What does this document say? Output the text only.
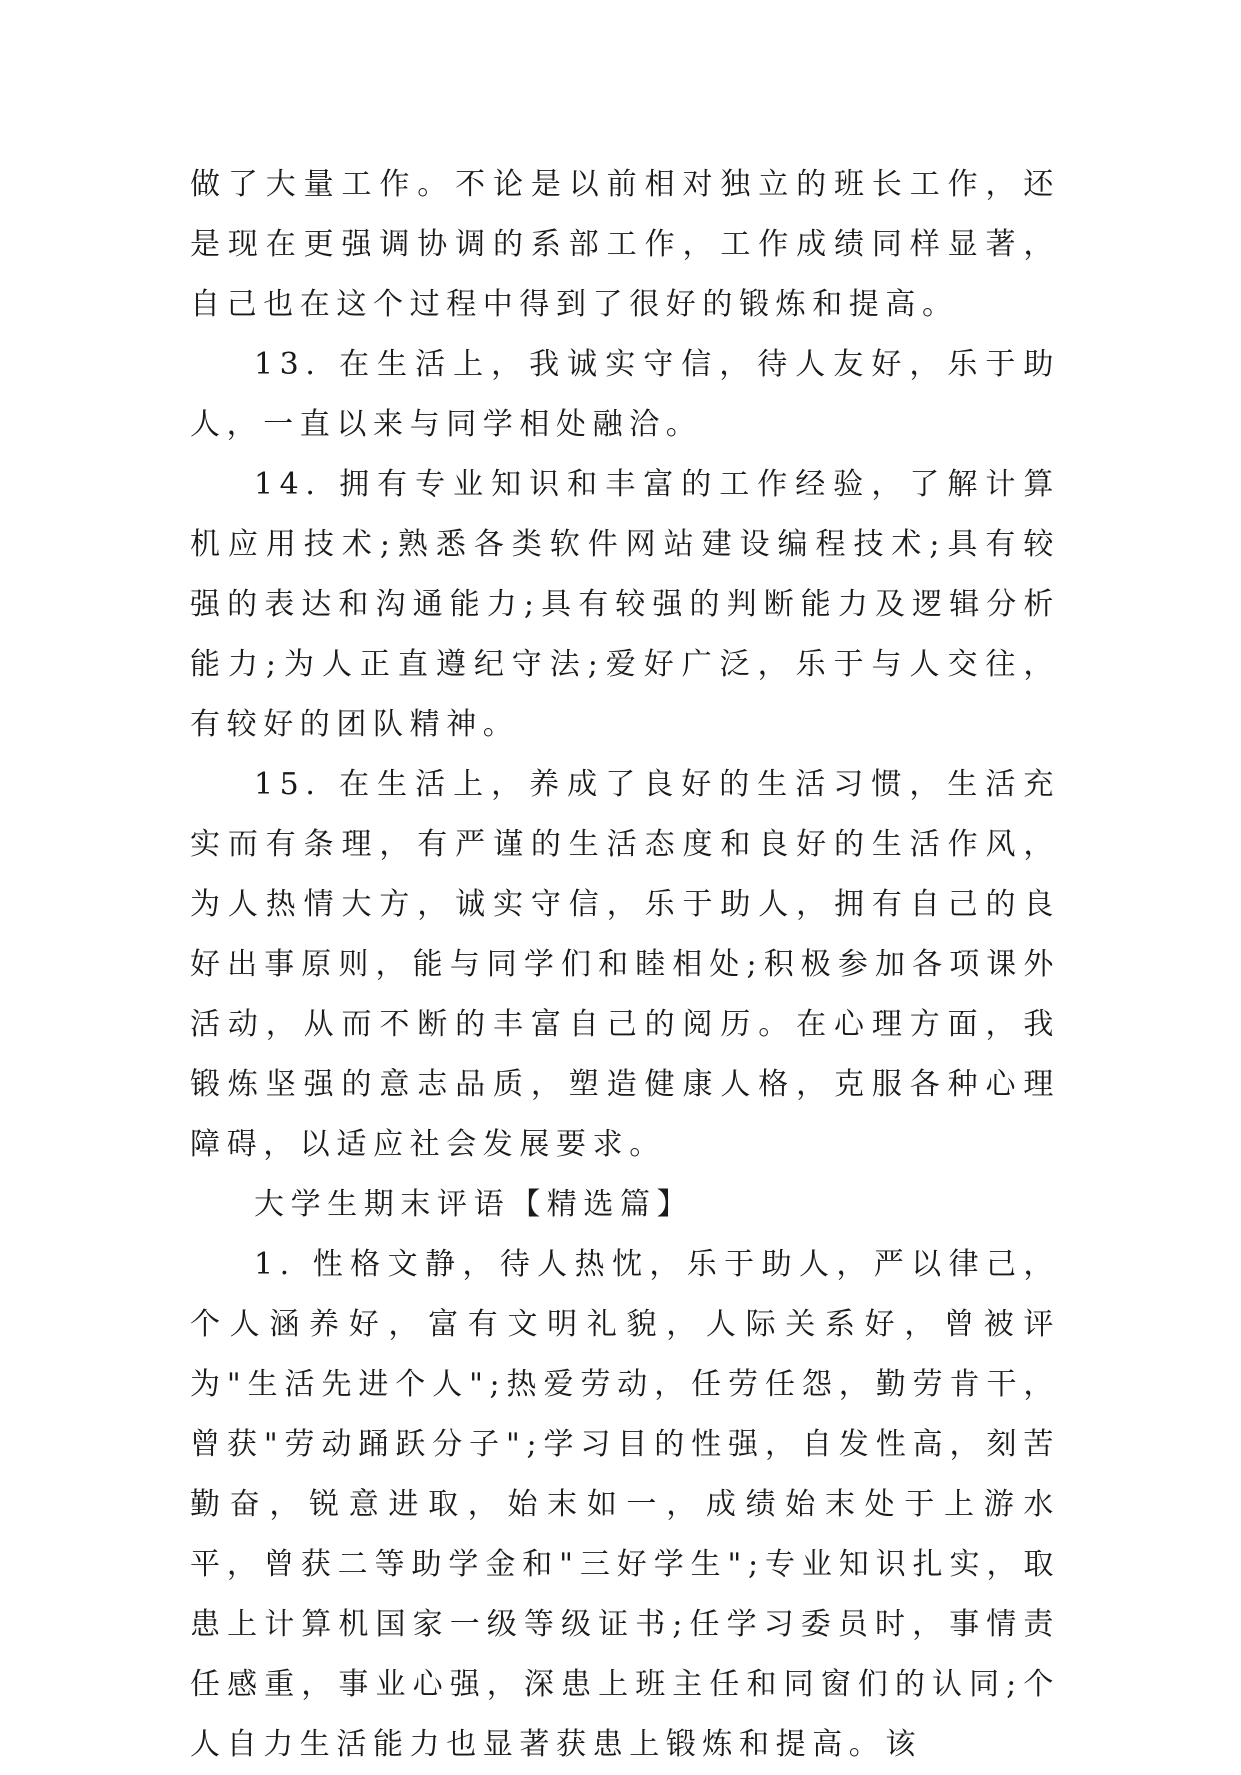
做了大量工作。不论是以前相对独立的班长工作，还是现在更强调协调的系部工作，工作成绩同样显著，自己也在这个过程中得到了很好的锻炼和提高。

13. 在生活上，我诚实守信，待人友好，乐于助人，一直以来与同学相处融洽。

14. 拥有专业知识和丰富的工作经验，了解计算机应用技术;熟悉各类软件网站建设编程技术;具有较强的表达和沟通能力;具有较强的判断能力及逻辑分析能力;为人正直遵纪守法;爱好广泛，乐于与人交往，有较好的团队精神。

15. 在生活上，养成了良好的生活习惯，生活充实而有条理，有严谨的生活态度和良好的生活作风，为人热情大方，诚实守信，乐于助人，拥有自己的良好出事原则，能与同学们和睦相处;积极参加各项课外活动，从而不断的丰富自己的阅历。在心理方面，我锻炼坚强的意志品质，塑造健康人格，克服各种心理障碍，以适应社会发展要求。

大学生期末评语【精选篇】

1. 性格文静，待人热忱，乐于助人，严以律己，个人涵养好，富有文明礼貌，人际关系好，曾被评为"生活先进个人";热爱劳动，任劳任怨，勤劳肯干，曾获"劳动踊跃分子";学习目的性强，自发性高，刻苦勤奋，锐意进取，始末如一，成绩始末处于上游水平，曾获二等助学金和"三好学生";专业知识扎实，取患上计算机国家一级等级证书;任学习委员时，事情责任感重，事业心强，深患上班主任和同窗们的认同;个人自力生活能力也显著获患上锻炼和提高。该
